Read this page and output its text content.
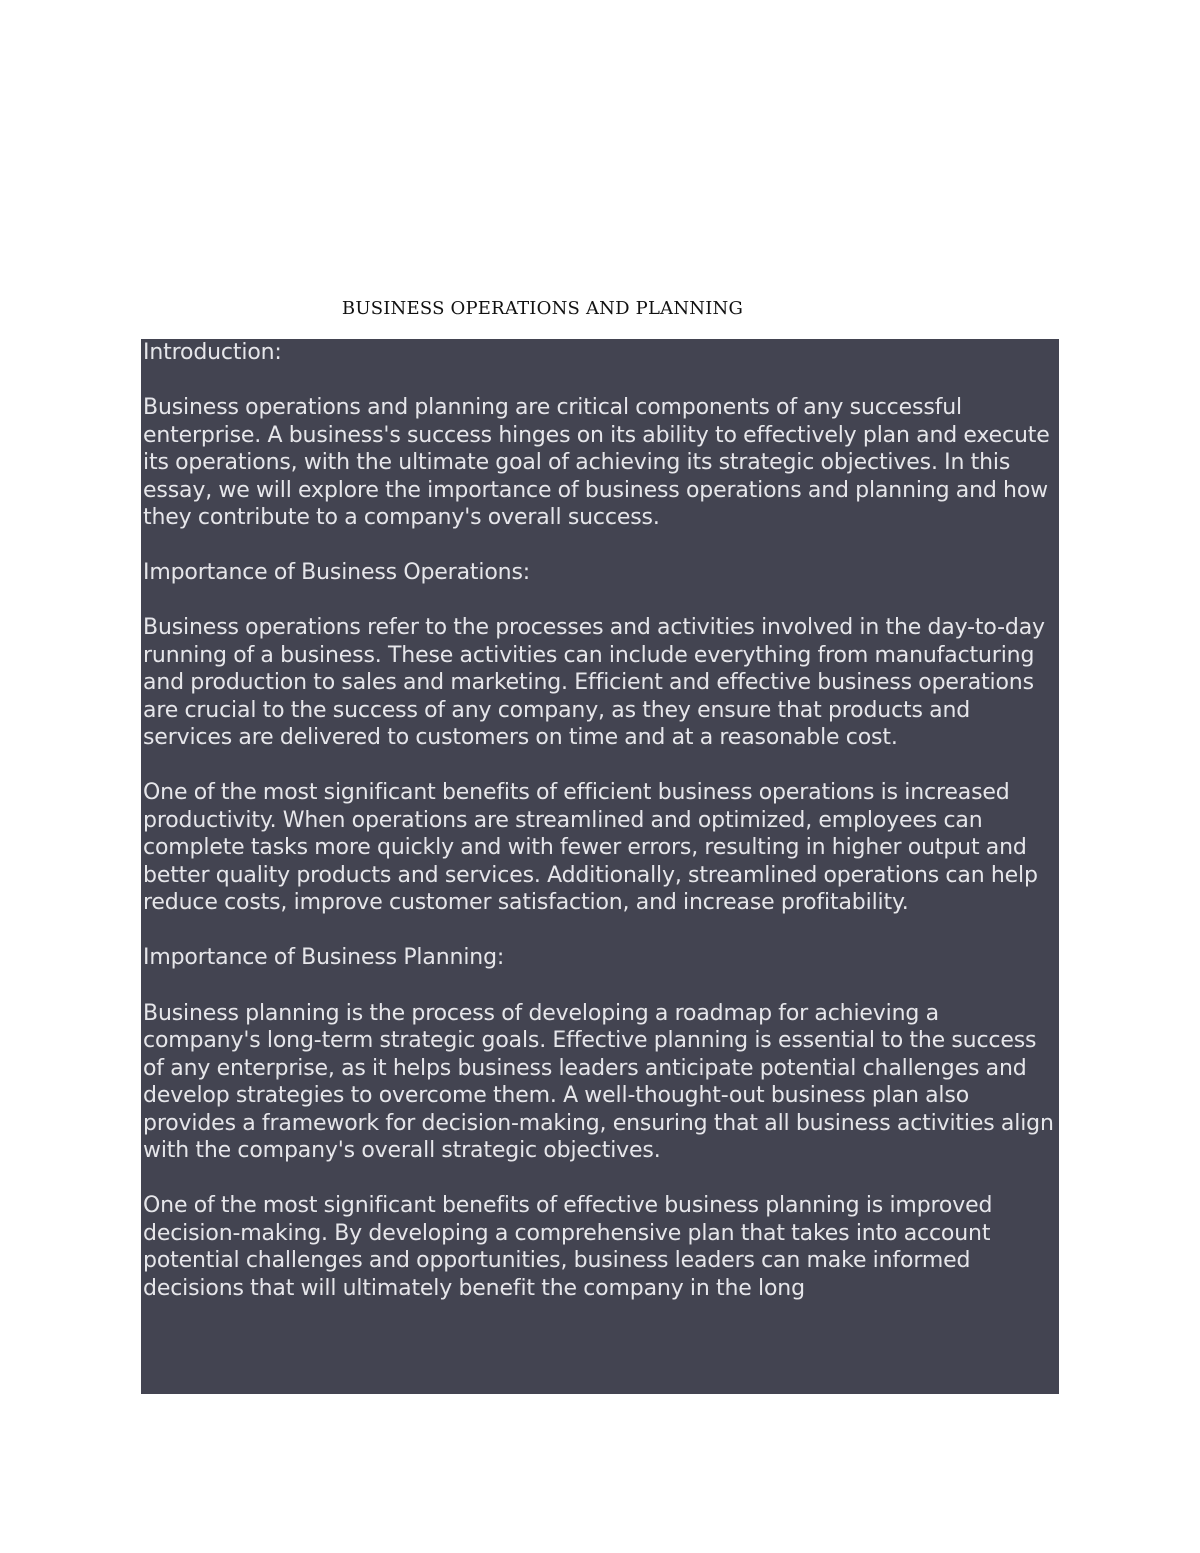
BUSINESS OPERATIONS AND PLANNING

Introduction:

Business operations and planning are critical components of any successful enterprise. A business's success hinges on its ability to effectively plan and execute its operations, with the ultimate goal of achieving its strategic objectives. In this essay, we will explore the importance of business operations and planning and how they contribute to a company's overall success.

Importance of Business Operations:

Business operations refer to the processes and activities involved in the day-to-day running of a business. These activities can include everything from manufacturing and production to sales and marketing. Efficient and effective business operations are crucial to the success of any company, as they ensure that products and services are delivered to customers on time and at a reasonable cost.

One of the most significant benefits of efficient business operations is increased productivity. When operations are streamlined and optimized, employees can complete tasks more quickly and with fewer errors, resulting in higher output and better quality products and services. Additionally, streamlined operations can help reduce costs, improve customer satisfaction, and increase profitability.

Importance of Business Planning:

Business planning is the process of developing a roadmap for achieving a company's long-term strategic goals. Effective planning is essential to the success of any enterprise, as it helps business leaders anticipate potential challenges and develop strategies to overcome them. A well-thought-out business plan also provides a framework for decision-making, ensuring that all business activities align with the company's overall strategic objectives.

One of the most significant benefits of effective business planning is improved decision-making. By developing a comprehensive plan that takes into account potential challenges and opportunities, business leaders can make informed decisions that will ultimately benefit the company in the long
